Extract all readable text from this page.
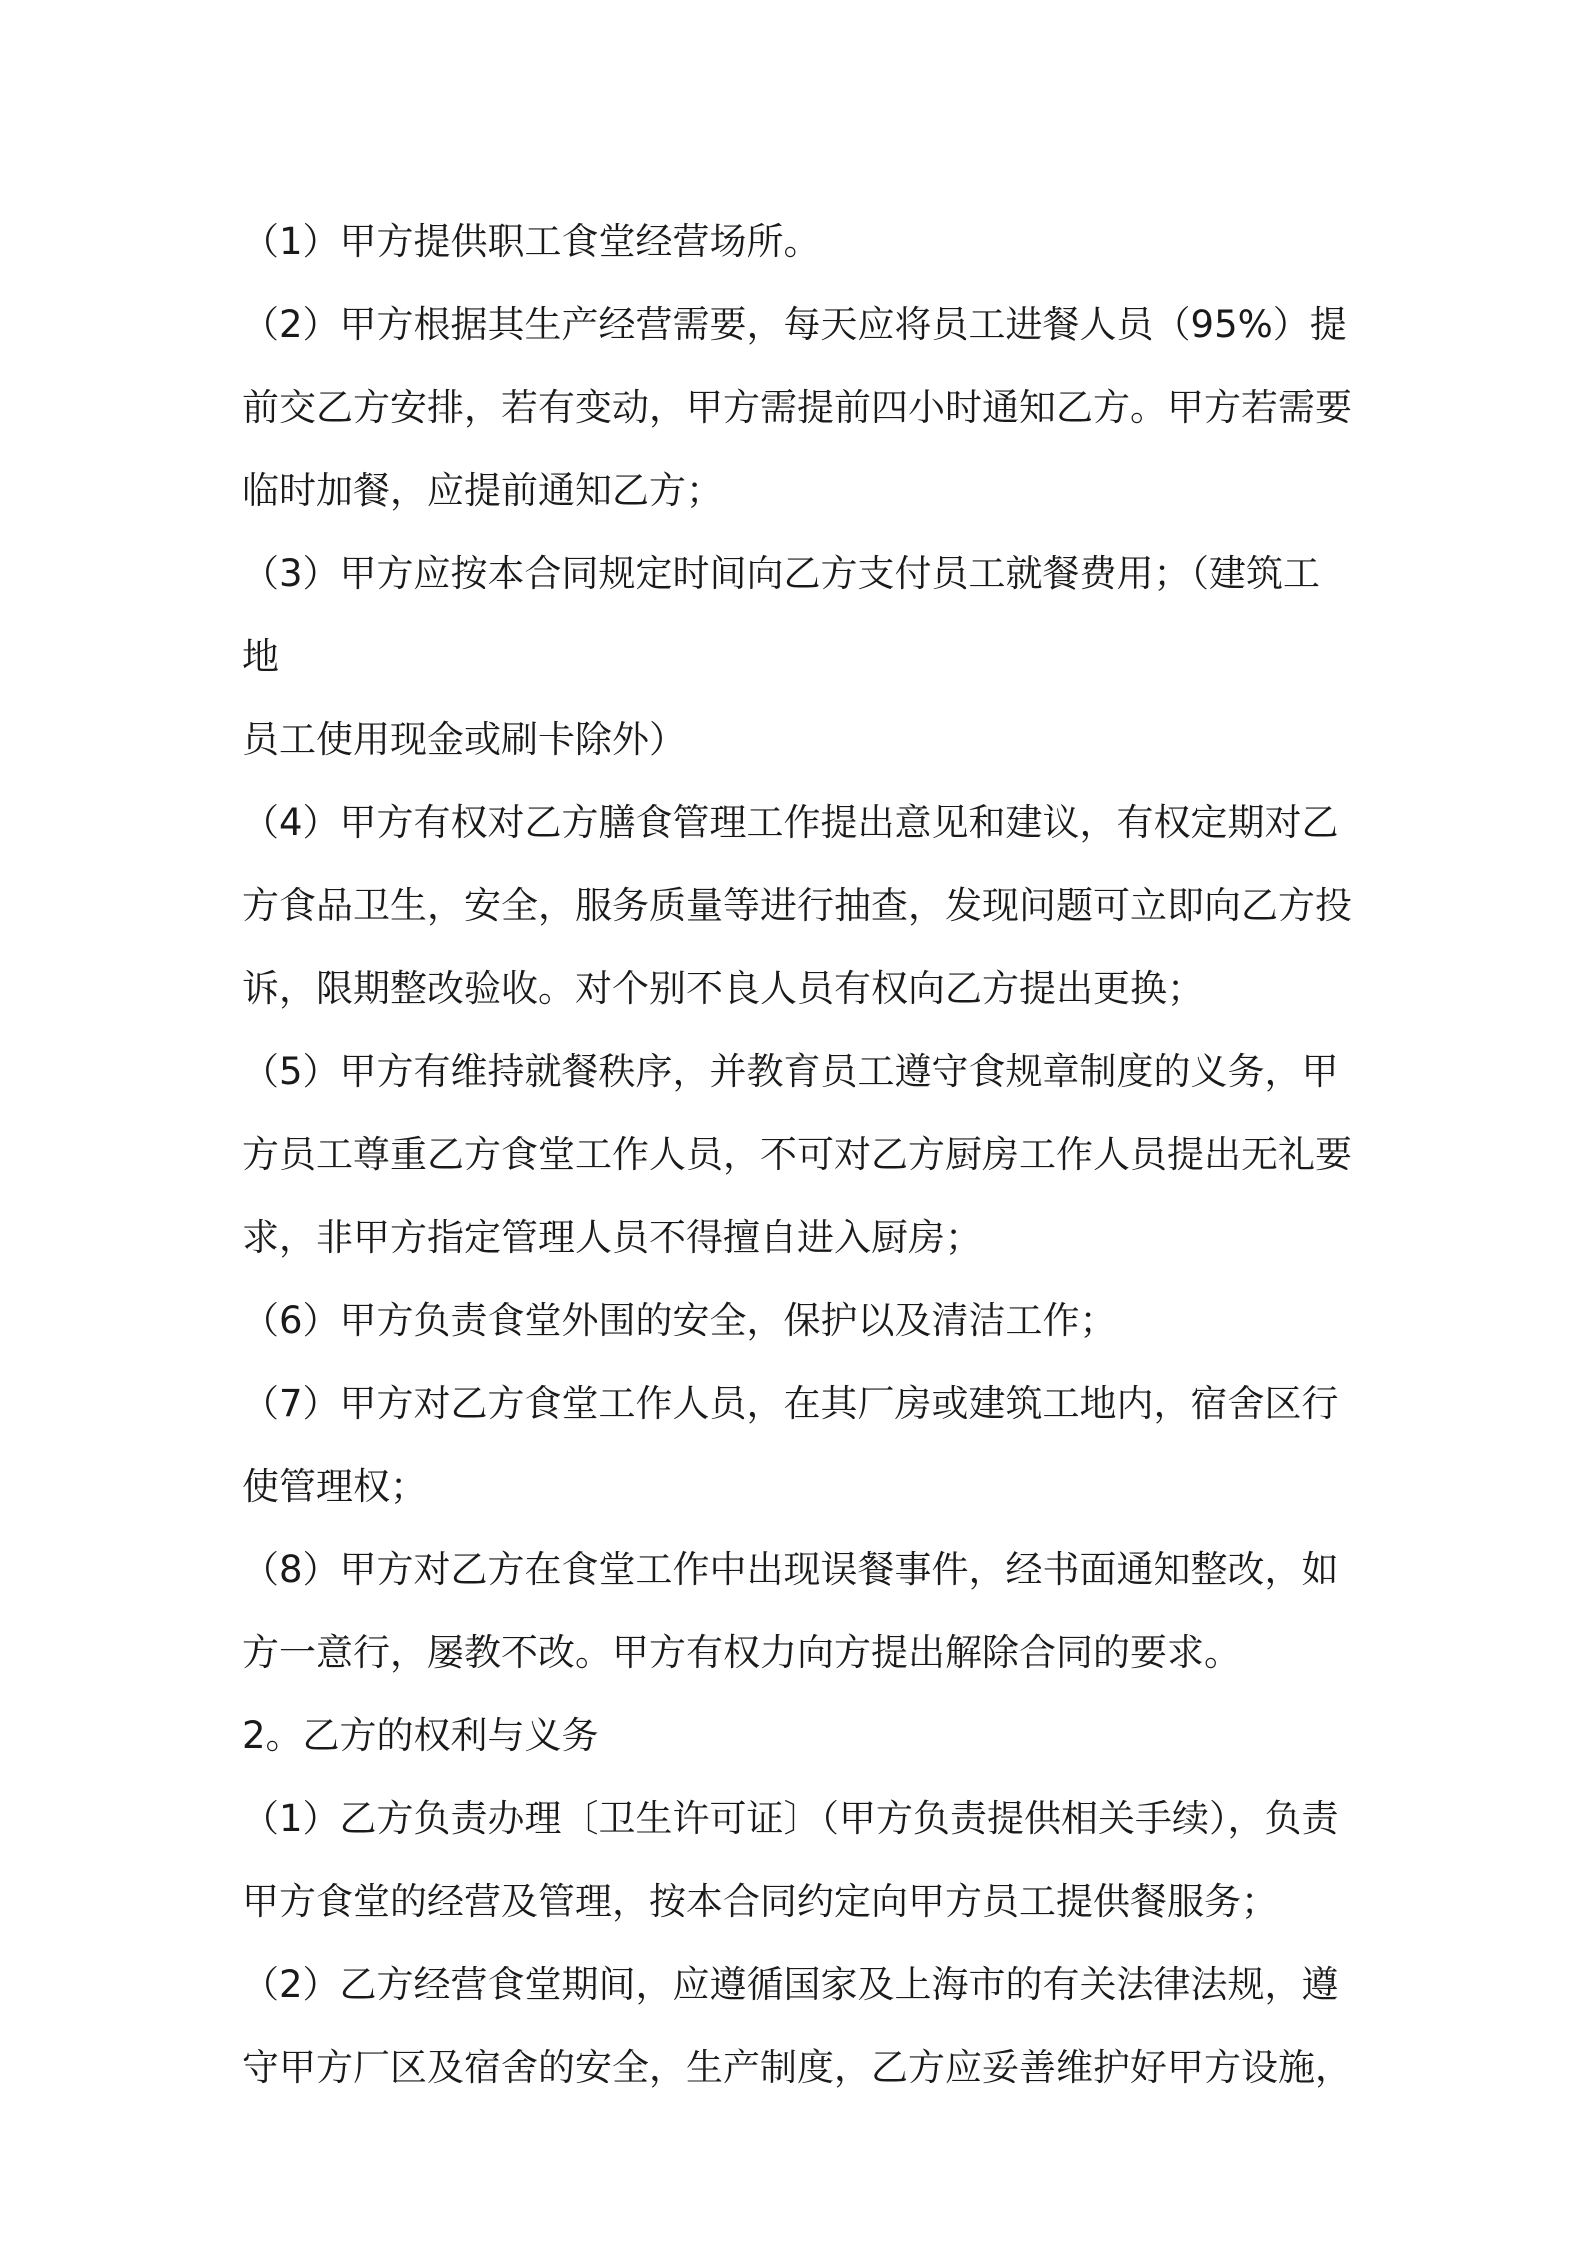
（1）甲方提供职工食堂经营场所。

（2）甲方根据其生产经营需要，每天应将员工进餐人员（95%）提
前交乙方安排，若有变动，甲方需提前四小时通知乙方。甲方若需要
临时加餐，应提前通知乙方；

（3）甲方应按本合同规定时间向乙方支付员工就餐费用；（建筑工地
员工使用现金或刷卡除外）

（4）甲方有权对乙方膳食管理工作提出意见和建议，有权定期对乙
方食品卫生，安全，服务质量等进行抽查，发现问题可立即向乙方投
诉，限期整改验收。对个别不良人员有权向乙方提出更换；

（5）甲方有维持就餐秩序，并教育员工遵守食规章制度的义务，甲
方员工尊重乙方食堂工作人员，不可对乙方厨房工作人员提出无礼要
求，非甲方指定管理人员不得擅自进入厨房；

（6）甲方负责食堂外围的安全，保护以及清洁工作；

（7）甲方对乙方食堂工作人员，在其厂房或建筑工地内，宿舍区行
使管理权；

（8）甲方对乙方在食堂工作中出现误餐事件，经书面通知整改，如
方一意行，屡教不改。甲方有权力向方提出解除合同的要求。

2。乙方的权利与义务

（1）乙方负责办理〔卫生许可证〕（甲方负责提供相关手续），负责
甲方食堂的经营及管理，按本合同约定向甲方员工提供餐服务；

（2）乙方经营食堂期间，应遵循国家及上海市的有关法律法规，遵
守甲方厂区及宿舍的安全，生产制度，乙方应妥善维护好甲方设施，
